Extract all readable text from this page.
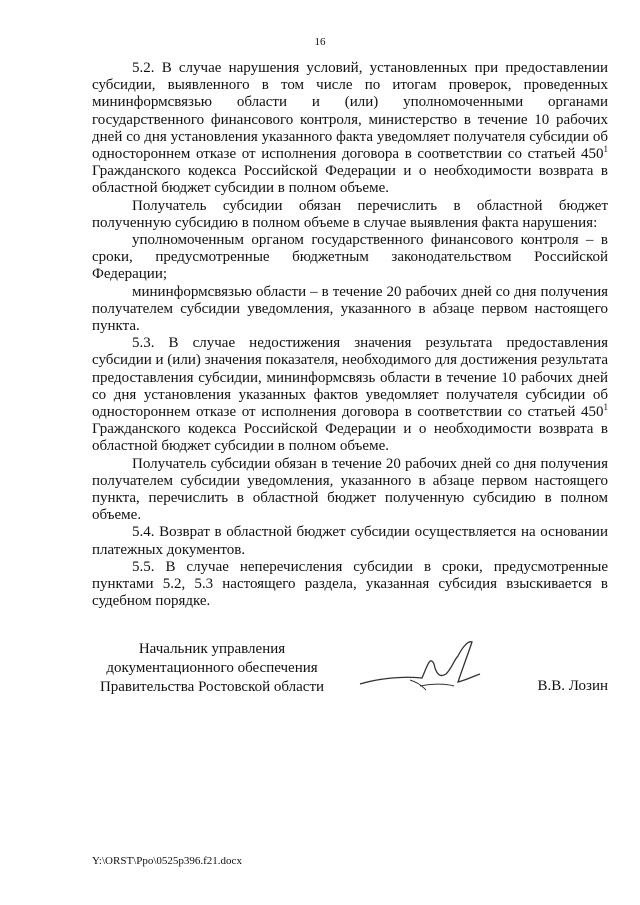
16

5.2. В случае нарушения условий, установленных при предоставлении субсидии, выявленного в том числе по итогам проверок, проведенных мининформсвязью области и (или) уполномоченными органами государственного финансового контроля, министерство в течение 10 рабочих дней со дня установления указанного факта уведомляет получателя субсидии об одностороннем отказе от исполнения договора в соответствии со статьей $450^1$ Гражданского кодекса Российской Федерации и о необходимости возврата в областной бюджет субсидии в полном объеме.

Получатель субсидии обязан перечислить в областной бюджет полученную субсидию в полном объеме в случае выявления факта нарушения:

уполномоченным органом государственного финансового контроля – в сроки, предусмотренные бюджетным законодательством Российской Федерации;

мининформсвязью области – в течение 20 рабочих дней со дня получения получателем субсидии уведомления, указанного в абзаце первом настоящего пункта.

5.3. В случае недостижения значения результата предоставления субсидии и (или) значения показателя, необходимого для достижения результата предоставления субсидии, мининформсвязь области в течение 10 рабочих дней со дня установления указанных фактов уведомляет получателя субсидии об одностороннем отказе от исполнения договора в соответствии со статьей $450^1$ Гражданского кодекса Российской Федерации и о необходимости возврата в областной бюджет субсидии в полном объеме.

Получатель субсидии обязан в течение 20 рабочих дней со дня получения получателем субсидии уведомления, указанного в абзаце первом настоящего пункта, перечислить в областной бюджет полученную субсидию в полном объеме.

5.4. Возврат в областной бюджет субсидии осуществляется на основании платежных документов.

5.5. В случае неперечисления субсидии в сроки, предусмотренные пунктами 5.2, 5.3 настоящего раздела, указанная субсидия взыскивается в судебном порядке.

Начальник управления
документационного обеспечения
Правительства Ростовской области	В.В. Лозин
Y:\ORST\Ppo\0525p396.f21.docx
